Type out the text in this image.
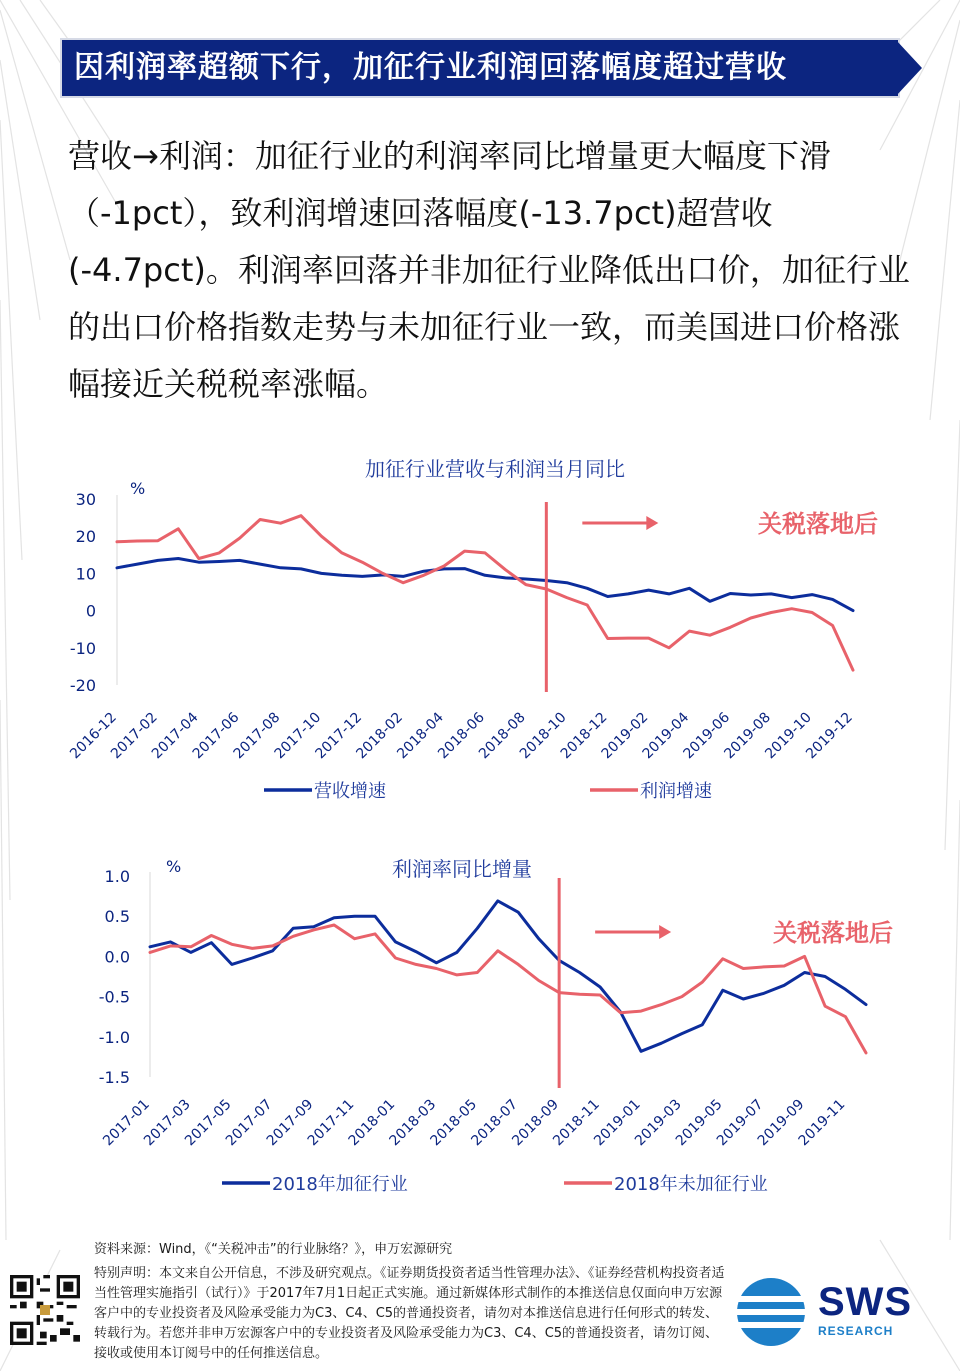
因利润率超额下行，加征行业利润回落幅度超过营收

营收→利润：加征行业的利润率同比增量更大幅度下滑（-1pct），致利润增速回落幅度(-13.7pct)超营收(-4.7pct)。利润率回落并非加征行业降低出口价，加征行业的出口价格指数走势与未加征行业一致，而美国进口价格涨幅接近关税税率涨幅。

加征行业营收与利润当月同比
%
30
20
10
0
-10
-20
2016-12
2017-02
2017-04
2017-06
2017-08
2017-10
2017-12
2018-02
2018-04
2018-06
2018-08
2018-10
2018-12
2019-02
2019-04
2019-06
2019-08
2019-10
2019-12
关税落地后
营收增速	利润增速
利润率同比增量
%
1.0
0.5
0.0
-0.5
-1.0
-1.5
2017-01
2017-03
2017-05
2017-07
2017-09
2017-11
2018-01
2018-03
2018-05
2018-07
2018-09
2018-11
2019-01
2019-03
2019-05
2019-07
2019-09
2019-11
关税落地后
2018年加征行业	2018年未加征行业
资料来源：Wind，《“关税冲击”的行业脉络？》，申万宏源研究
特别声明：本文来自公开信息，不涉及研究观点。《证券期货投资者适当性管理办法》、《证券经营机构投资者适当性管理实施指引（试行）》于2017年7月1日起正式实施。通过新媒体形式制作的本推送信息仅面向申万宏源客户中的专业投资者及风险承受能力为C3、C4、C5的普通投资者，请勿对本推送信息进行任何形式的转发、转载行为。若您并非申万宏源客户中的专业投资者及风险承受能力为C3、C4、C5的普通投资者，请勿订阅、接收或使用本订阅号中的任何推送信息。
SWS
RESEARCH
